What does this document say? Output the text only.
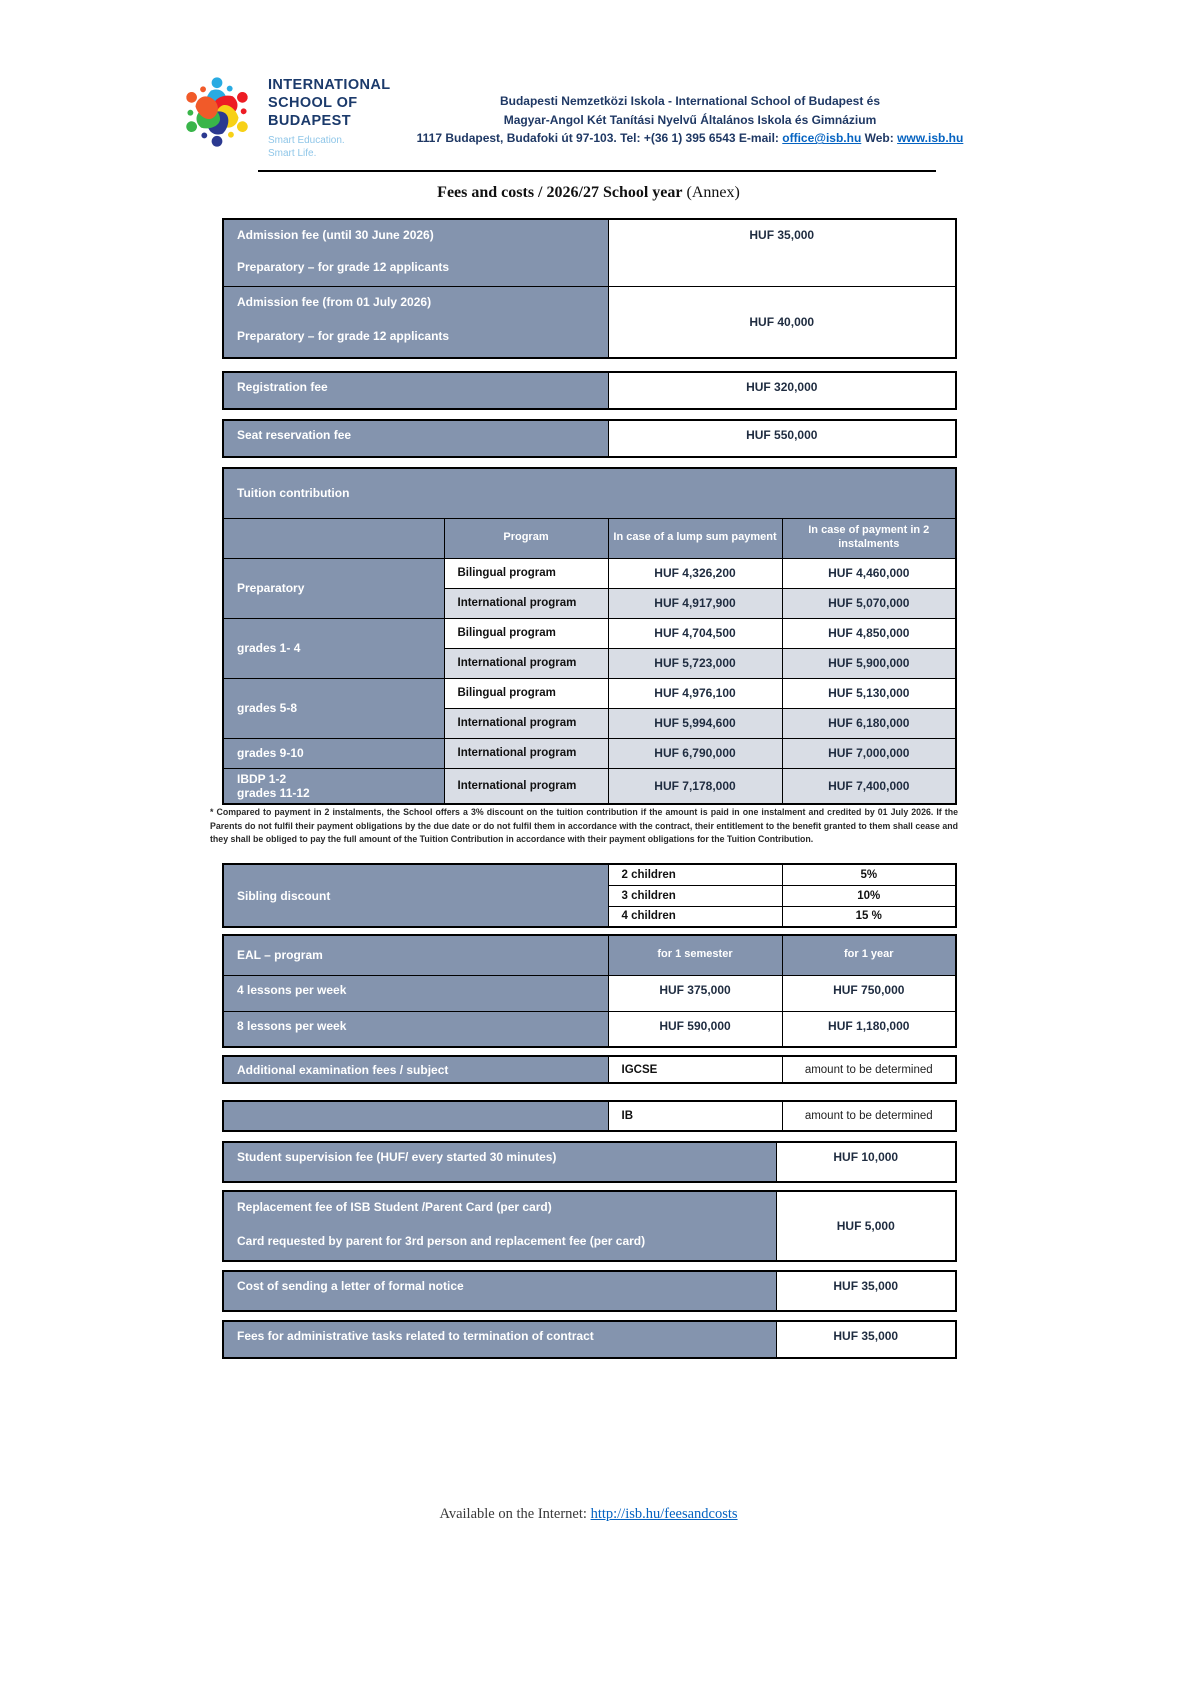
INTERNATIONAL
SCHOOL OF
BUDAPEST
Smart Education.
Smart Life.
Budapesti Nemzetközi Iskola - International School of Budapest és
Magyar-Angol Két Tanítási Nyelvű Általános Iskola és Gimnázium
1117 Budapest, Budafoki út 97-103. Tel: +(36 1) 395 6543 E-mail: office@isb.hu Web: www.isb.hu
Fees and costs / 2026/27 School year (Annex)
Admission fee (until 30 June 2026)
Preparatory – for grade 12 applicants	HUF 35,000

Admission fee (from 01 July 2026)
Preparatory – for grade 12 applicants	HUF 40,000
Registration fee	HUF 320,000
Seat reservation fee	HUF 550,000
Tuition contribution			

	Program	In case of a lump sum payment	In case of payment in 2 instalments

Preparatory	Bilingual program	HUF 4,326,200	HUF 4,460,000
	International program	HUF 4,917,900	HUF 5,070,000

grades 1- 4	Bilingual program	HUF 4,704,500	HUF 4,850,000
	International program	HUF 5,723,000	HUF 5,900,000

grades 5-8	Bilingual program	HUF 4,976,100	HUF 5,130,000
	International program	HUF 5,994,600	HUF 6,180,000

grades 9-10	International program	HUF 6,790,000	HUF 7,000,000

IBDP 1-2
grades 11-12	International program	HUF 7,178,000	HUF 7,400,000
* Compared to payment in 2 instalments, the School offers a 3% discount on the tuition contribution if the amount is paid in one instalment and credited by 01 July 2026. If the Parents do not fulfil their payment obligations by the due date or do not fulfil them in accordance with the contract, their entitlement to the benefit granted to them shall cease and they shall be obliged to pay the full amount of the Tuition Contribution in accordance with their payment obligations for the Tuition Contribution.
Sibling discount	2 children	5%
	3 children	10%
	4 children	15 %
EAL – program	for 1 semester	for 1 year

4 lessons per week	HUF 375,000	HUF 750,000

8 lessons per week	HUF 590,000	HUF 1,180,000
Additional examination fees / subject	IGCSE	amount to be determined
	IB	amount to be determined
Student supervision fee (HUF/ every started 30 minutes)	HUF 10,000
Replacement fee of ISB Student /Parent Card (per card)
Card requested by parent for 3rd person and replacement fee (per card)
	HUF 5,000
Cost of sending a letter of formal notice	HUF 35,000
Fees for administrative tasks related to termination of contract	HUF 35,000
Available on the Internet: http://isb.hu/feesandcosts
